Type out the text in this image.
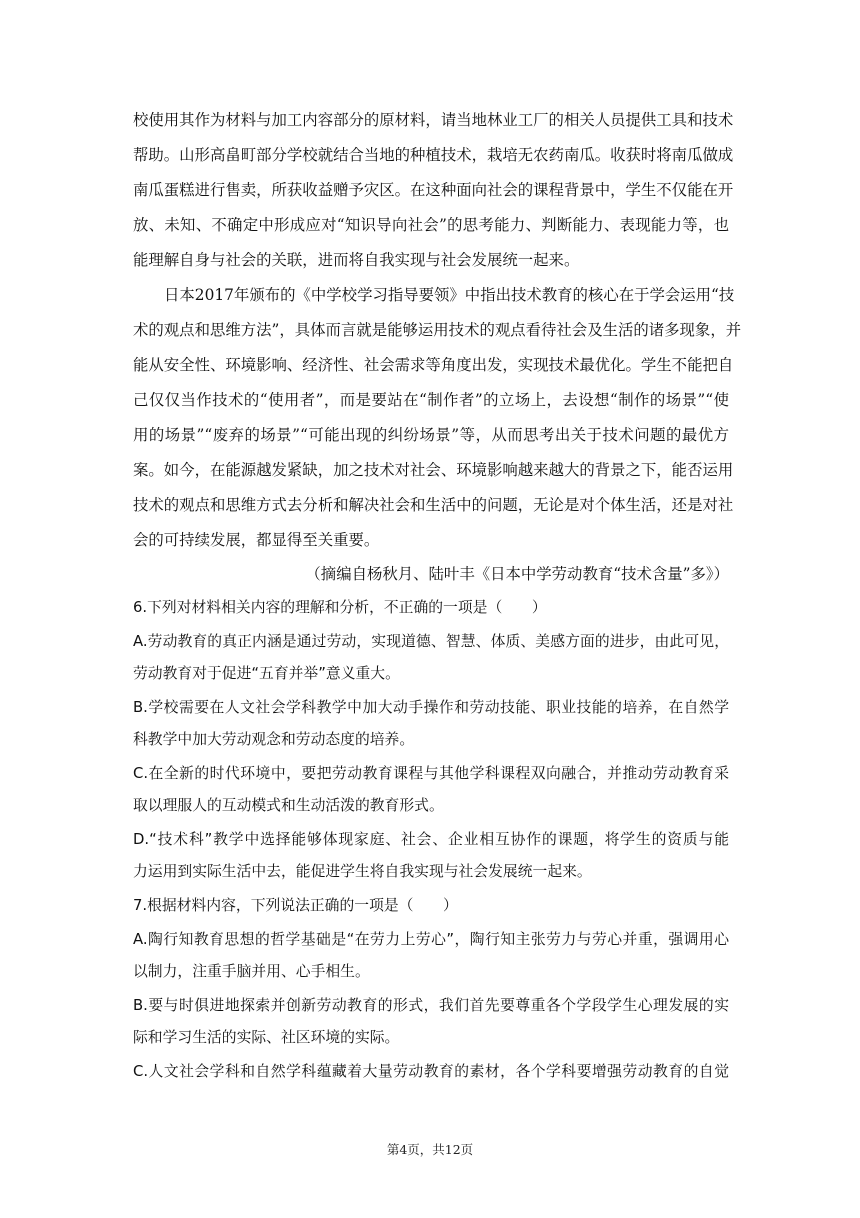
校使用其作为材料与加工内容部分的原材料，请当地林业工厂的相关人员提供工具和技术
帮助。山形高畠町部分学校就结合当地的种植技术，栽培无农药南瓜。收获时将南瓜做成
南瓜蛋糕进行售卖，所获收益赠予灾区。在这种面向社会的课程背景中，学生不仅能在开
放、未知、不确定中形成应对“知识导向社会”的思考能力、判断能力、表现能力等，也
能理解自身与社会的关联，进而将自我实现与社会发展统一起来。
日本2017年颁布的《中学校学习指导要领》中指出技术教育的核心在于学会运用“技
术的观点和思维方法”，具体而言就是能够运用技术的观点看待社会及生活的诸多现象，并
能从安全性、环境影响、经济性、社会需求等角度出发，实现技术最优化。学生不能把自
己仅仅当作技术的“使用者”，而是要站在“制作者”的立场上，去设想“制作的场景”“使
用的场景”“废弃的场景”“可能出现的纠纷场景”等，从而思考出关于技术问题的最优方
案。如今，在能源越发紧缺，加之技术对社会、环境影响越来越大的背景之下，能否运用
技术的观点和思维方式去分析和解决社会和生活中的问题，无论是对个体生活，还是对社
会的可持续发展，都显得至关重要。
（摘编自杨秋月、陆叶丰《日本中学劳动教育“技术含量”多》）
6.下列对材料相关内容的理解和分析，不正确的一项是（　　）
A.劳动教育的真正内涵是通过劳动，实现道德、智慧、体质、美感方面的进步，由此可见，
劳动教育对于促进“五育并举”意义重大。
B.学校需要在人文社会学科教学中加大动手操作和劳动技能、职业技能的培养，在自然学
科教学中加大劳动观念和劳动态度的培养。
C.在全新的时代环境中，要把劳动教育课程与其他学科课程双向融合，并推动劳动教育采
取以理服人的互动模式和生动活泼的教育形式。
D.“技术科”教学中选择能够体现家庭、社会、企业相互协作的课题，将学生的资质与能
力运用到实际生活中去，能促进学生将自我实现与社会发展统一起来。
7.根据材料内容，下列说法正确的一项是（　　）
A.陶行知教育思想的哲学基础是“在劳力上劳心”，陶行知主张劳力与劳心并重，强调用心
以制力，注重手脑并用、心手相生。
B.要与时俱进地探索并创新劳动教育的形式，我们首先要尊重各个学段学生心理发展的实
际和学习生活的实际、社区环境的实际。
C.人文社会学科和自然学科蕴藏着大量劳动教育的素材，各个学科要增强劳动教育的自觉
第4页，共12页
